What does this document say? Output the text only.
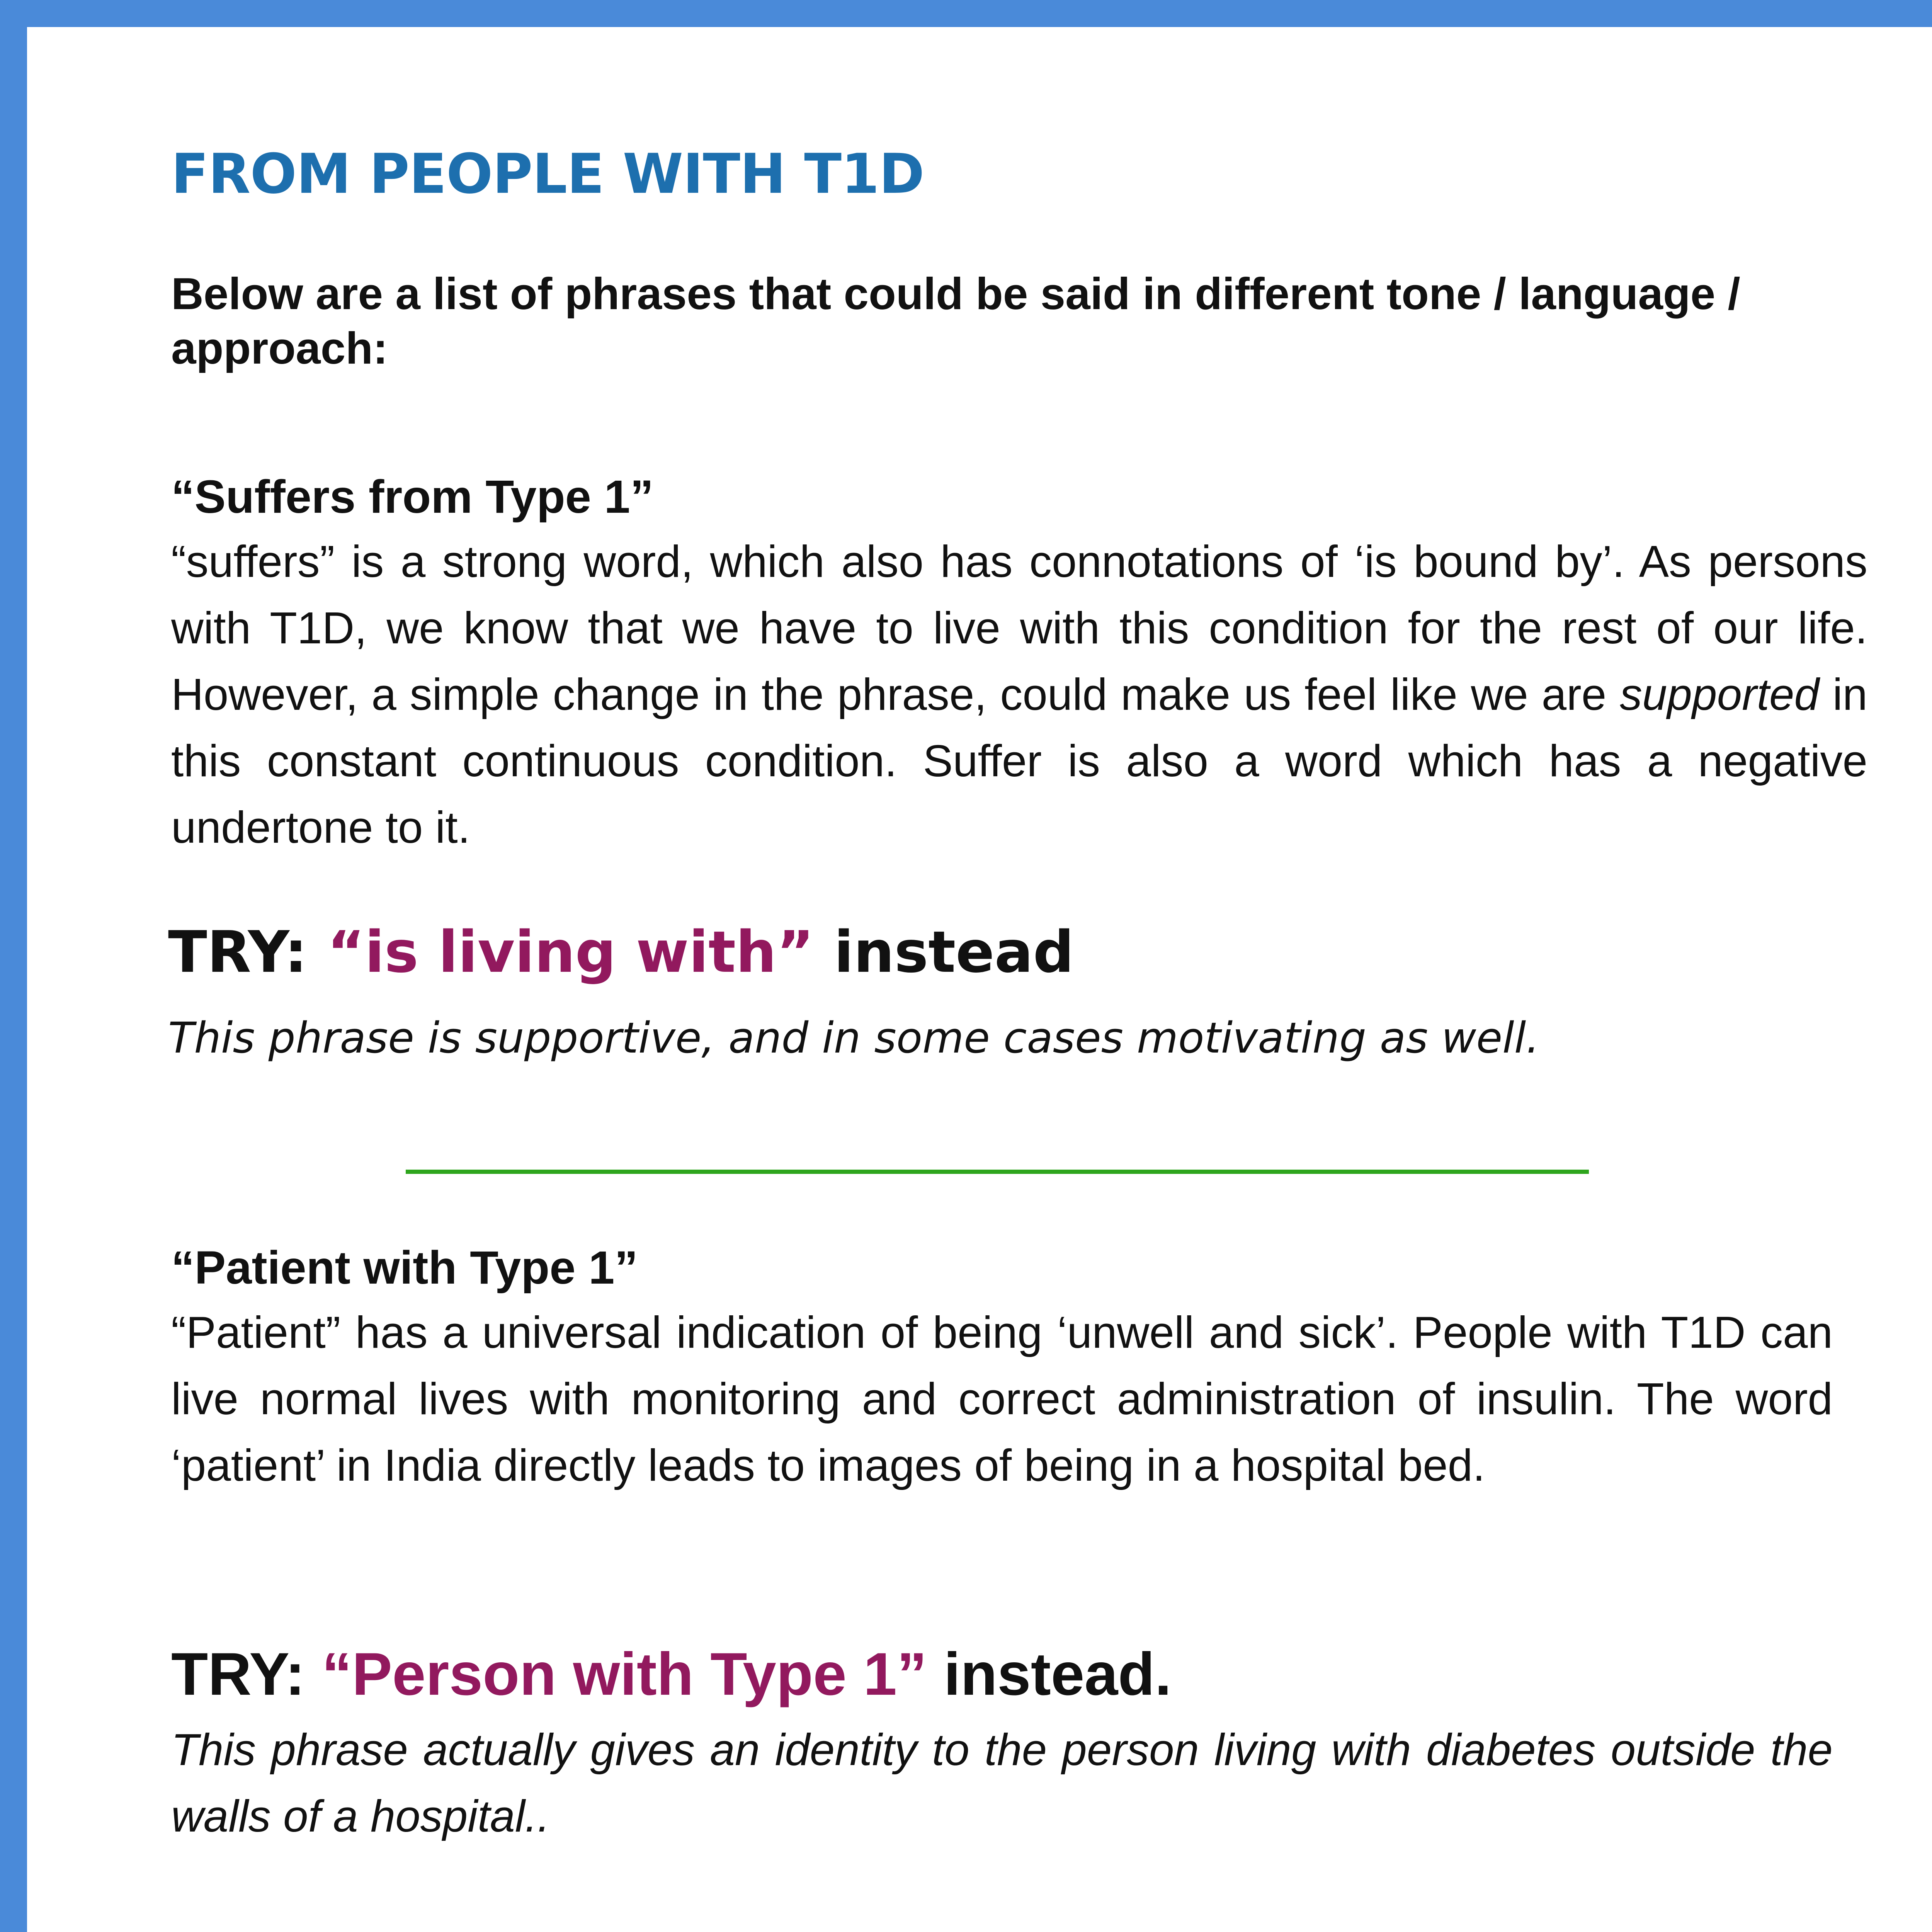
FROM PEOPLE WITH T1D
Below are a list of phrases that could be said in different tone / language / approach:
“Suffers from Type 1”
“suffers” is a strong word, which also has connotations of ‘is bound by’. As persons with T1D, we know that we have to live with this condition for the rest of our life. However, a simple change in the phrase, could make us feel like we are supported in this constant continuous condition. Suffer is also a word which has a negative undertone to it.
TRY: “is living with” instead
This phrase is supportive, and in some cases motivating as well.
“Patient with Type 1”
“Patient” has a universal indication of being ‘unwell and sick’. People with T1D can live normal lives with monitoring and correct administration of insulin. The word ‘patient’ in India directly leads to images of being in a hospital bed.
TRY: “Person with Type 1” instead.
This phrase actually gives an identity to the person living with diabetes outside the walls of a hospital..
